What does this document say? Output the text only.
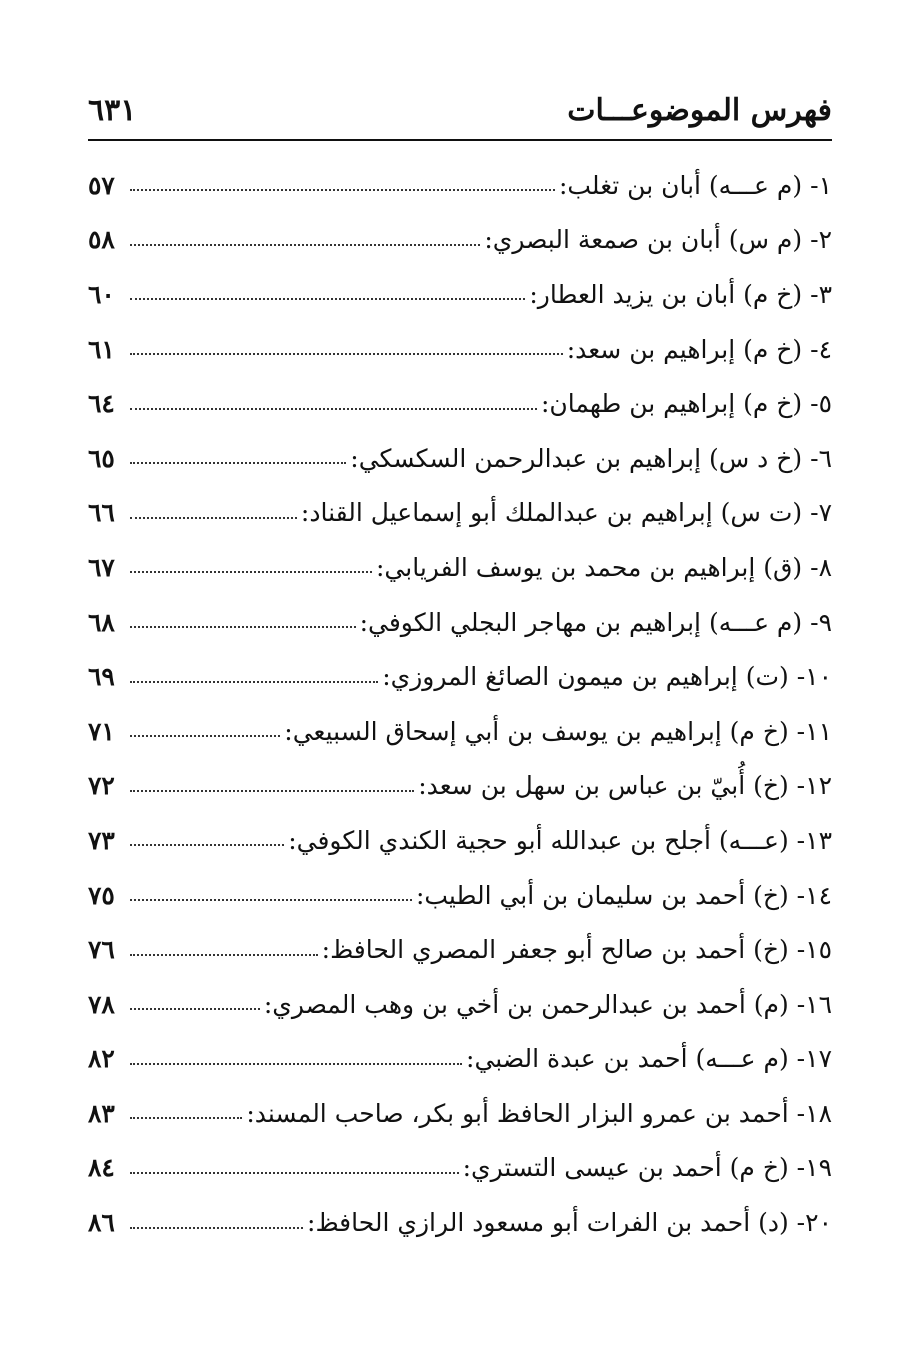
فهرس الموضوعـــات
٦٣١
١- (م عـــه) أبان بن تغلب:
٥٧
٢- (م س) أبان بن صمعة البصري:
٥٨
٣- (خ م) أبان بن يزيد العطار:
٦٠
٤- (خ م) إبراهيم بن سعد:
٦١
٥- (خ م) إبراهيم بن طهمان:
٦٤
٦- (خ د س) إبراهيم بن عبدالرحمن السكسكي:
٦٥
٧- (ت س) إبراهيم بن عبدالملك أبو إسماعيل القناد:
٦٦
٨- (ق) إبراهيم بن محمد بن يوسف الفريابي:
٦٧
٩- (م عـــه) إبراهيم بن مهاجر البجلي الكوفي:
٦٨
١٠- (ت) إبراهيم بن ميمون الصائغ المروزي:
٦٩
١١- (خ م) إبراهيم بن يوسف بن أبي إسحاق السبيعي:
٧١
١٢- (خ) أُبيّ بن عباس بن سهل بن سعد:
٧٢
١٣- (عـــه) أجلح بن عبدالله أبو حجية الكندي الكوفي:
٧٣
١٤- (خ) أحمد بن سليمان بن أبي الطيب:
٧٥
١٥- (خ) أحمد بن صالح أبو جعفر المصري الحافظ:
٧٦
١٦- (م) أحمد بن عبدالرحمن بن أخي بن وهب المصري:
٧٨
١٧- (م عـــه) أحمد بن عبدة الضبي:
٨٢
١٨- أحمد بن عمرو البزار الحافظ أبو بكر، صاحب المسند:
٨٣
١٩- (خ م) أحمد بن عيسى التستري:
٨٤
٢٠- (د) أحمد بن الفرات أبو مسعود الرازي الحافظ:
٨٦
